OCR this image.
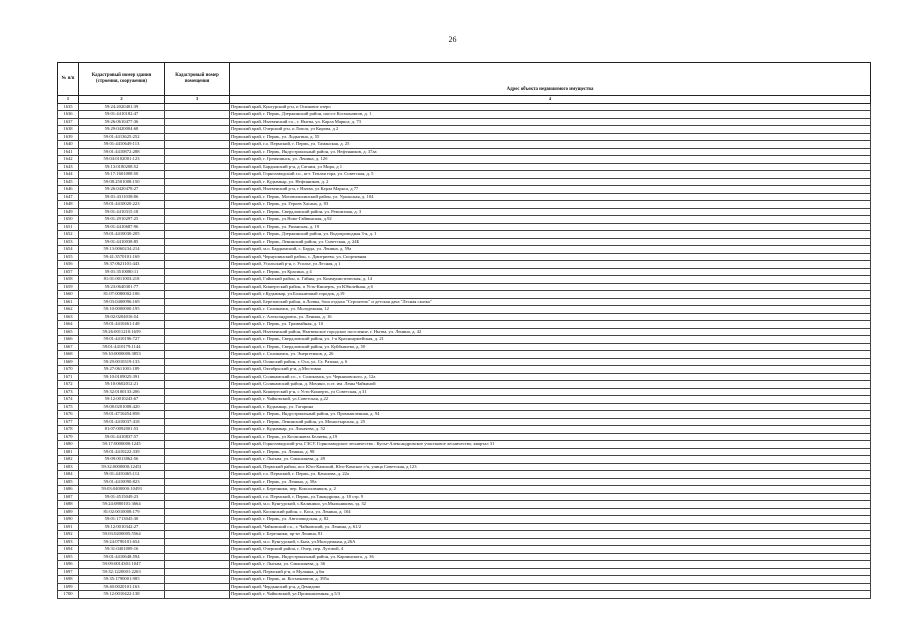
26
№ п/п	Кадастровый номер здания (строения, сооружения)	Кадастровый номер помещения	Адрес объекта недвижимого имущества
1	2	3	4
1635	59:24:2020401:39		Пермский край, Кунгурский р-н, п Осиновое озеро
1636	59:01:4410182:47		Пермский край, г. Пермь, Дзержинский район, шоссе Космонавтов, д. 1
1637	59:26:0610477:36		Пермский край, Нытвенский г.о., г. Нытва, ул. Карла Маркса, д. 73
1638	59:29:0420004:68		Пермский край, Очерский р-н, п Лопоп, ул Кирова, д 2
1639	59:01:4413625:252		Пермский край, г. Пермь, ул. Лодыгина, д. 55
1640	59:01:4410649:113		Пермский край, г.о. Пермский, г. Пермь, ул. Таманская, д. 25
1641	59:01:4410872:288		Пермский край, г. Пермь, Индустриальный район, ул. Нефтяников, д. 37аа
1642	59:04:0102001:123		Пермский край, г. Гремячинск, ул. Ленина, д. 12б
1643	59:13:0180208:52		Пермский край, Бардымский р-н, д Сатаим, ул Мира, д 1
1644	59:17:1601008:50		Пермский край, Горнозаводский г.о., пгт. Теплая гора, ул. Советская, д. 5
1645	59:08:2501008:150		Пермский край, г. Кудымкар, ул. Нефтяников, д. 2
1646	59:26:0420478:27		Пермский край, Нытвенский р-н, г Нытва, ул Карла Маркса, д 77
1647	59:01:4311038:86		Пермский край, г. Пермь, Мотовилихинский район, ул. Уральская, д. 104
1648	59:01:4410020:223		Пермский край, г. Пермь, ул. Героев Хасана, д. 83
1649	59:01:4410315:18		Пермский край, г. Пермь, Свердловский район, ул. Ремонтная, д. 3
1650	59:01:2910297:25		Пермский край, г. Пермь, ул.Ново-Гайвинская, д.92
1651	59:01:4410687:96		Пермский край, г. Пермь, ул. Рязанская, д. 19
1652	59:01:4410030:205		Пермский край, г. Пермь, Дзержинский район, ул. Водопроводная 3-я, д. 1
1653	59:01:4410038:85		Пермский край, г. Пермь, Ленинский район, ул. Советская, д. 24Б
1654	59:13:0060234:214		Пермский край, м.о. Бардымский, с. Барда, ул. Ленина, д. 59а
1655	59:41:3570101:169		Пермский край, Чернушинский район, с. Дмитриево, ул. Спортивная
1656	59:37:0621101:443		Пермский край, Усольский р-н, г. Усолье, ул Лесная, д 1
1657	59:01:3510080:11		Пермский край, г. Пермь, ул Красина, д 4
1658	81:01:0011003:218		Пермский край, Гайнский район, п. Гайны, ул. Коммунистическая, д. 14
1659	59:23:0640301:77		Пермский край, Кишертский район, п Усть-Кишерть, ул Юбилейная, д 6
1660	81:07:0080002:106		Пермский край, г.Кудымкар, ул.Больничный городок, д.19
1661	59:03:0400096:169		Пермский край, Березовский район, п.Лопвы, база отдыха "Строитель" и детская дача "Лесная сказка"
1662	59:10:0000000:195		Пермский край, г. Соликамск, ул. Молодежная, 12
1663	59:02:0204016:54		Пермский край, г. Александровск, ул. Ленина, д. 16
1664	59:01:4410461:148		Пермский край, г. Пермь, ул. Трамвайная, д. 10
1665	59:26:0011210:1659		Пермский край, Нытвенский район, Нытвенское городское поселение, г. Нытва, ул. Ленина, д. 42
1666	59:01:4410196:727		Пермский край, г. Пермь, Свердловский район, ул. 1-я Красноармейская, д. 21
1667	59:01:4410179:1144		Пермский край, г. Пермь, Свердловский район, ул. Куйбышева, д. 50
1668	59:10:0000000:3853		Пермский край, г. Соликамск, ул. Энергетиков, д. 26
1669	59:29:0010319:133		Пермский край, Осинский район, г. Оса, ул. Ст. Разина, д. 6
1670	59:27:0611001:189		Пермский край, Октябрьский р-н, д.Мостовая
1671	59:10:0109025:391		Пермский край, Соликамский г.о., г. Соликамск, ул. Черняховского, д. 12а
1672	59:10:0602012:21		Пермский край, Соликамский район, д. Мочино, п.ст. им. Лены Чайкиной
1673	59:32:0100133:206		Пермский край, Кишертский р-н, с Усть-Кишерть, ул Советская, д 31
1674	59:12:0010243:67		Пермский край, г. Чайковский, ул.Советская, д.22
1675	59:08:0201008:420		Пермский край, г. Кудымкар, ул. Гагарина
1676	59:01:4710454:858		Пермский край, г. Пермь, Индустриальный район, ул. Промышленная, д. 94
1677	59:01:4410037:418		Пермский край, г. Пермь, Ленинский район, ул. Монастырская, д. 25
1678	81:07:0092001:53		Пермский край, г. Кудымкар, ул. Лихачева, д. 52
1679	59:01:4410837:57		Пермский край, г. Пермь, ул Космонавта Беляева, д.19
1680	59:17:0000000:1245		Пермский край, Горнозаводский р-н, ГЗСУ. Горнозаводское лесничество . Кусье-Александровское участковое лесничество, квартал 31
1681	59:01:4410222:339		Пермский край, г. Пермь, ул. Ленина, д. 98
1682	59:09:0013862:56		Пермский край, г. Лысьва, ул. Смышляева, д. 49
1683	59:32:0000000:12451		Пермский край, Пермский район, пос Юго-Камский, Юго-Камское г/п, улица Советская, д 123
1684	59:01:4410465:112		Пермский край, г.о. Пермский, г. Пермь, ул. Качалова, д. 22а
1685	59:01:4410090:823		Пермский край, г. Пермь, ул. Ленина, д. 58а
1686	59:03:0400000:10493		Пермский край, г. Березники, пер. Коксохимиков, д. 2
1687	59:01:4515049:23		Пермский край, г.о. Пермский, г. Пермь, ул.Танкодрома, д. 18 стр. 9
1688	59:24:0880101:3664		Пермский край, м.о. Кунгурский, с.Калинино, ул.Мыльникова, зд. 32
1689	81:02:0010008:179		Пермский край, Косинский район, с. Коса, ул. Ленина, д. 104
1690	59:01:1713045:30		Пермский край, г. Пермь, ул. Автозаводская, д. 82
1691	59:12:0010342:27		Пермский край, Чайковский г.о., г. Чайковский, ул. Ленина, д. 61/2
1692	59:03:0200005:5564		Пермский край, г. Березники, пр-кт Ленина, 81
1693	59:24:0790101:654		Пермский край, м.о. Кунгурский, с.Бым, ул.Молодежная, д.26А
1694	59:31:0401009:16		Пермский край, Очерский район, г. Очер, пер. Луговой, 4
1695	59:01:4410648:594		Пермский край, г. Пермь, Индустриальный район, ул. Карпинского, д. 36
1696	59:09:0014301:1047		Пермский край, г. Лысьва, ул. Смышляева, д. 36
1697	59:32:1220001:2263		Пермский край, Пермский р-н, п Мулянка, д 6м
1698	59:35:1790001:985		Пермский край, г. Пермь, ш. Космонавтов, д. 395а
1699	59:40:0020101:163		Пермский край, Чердынский р-н, д Демидово
1700	59:12:0010422:138		Пермский край, г. Чайковский, ул.Промышленная, д.5/3
